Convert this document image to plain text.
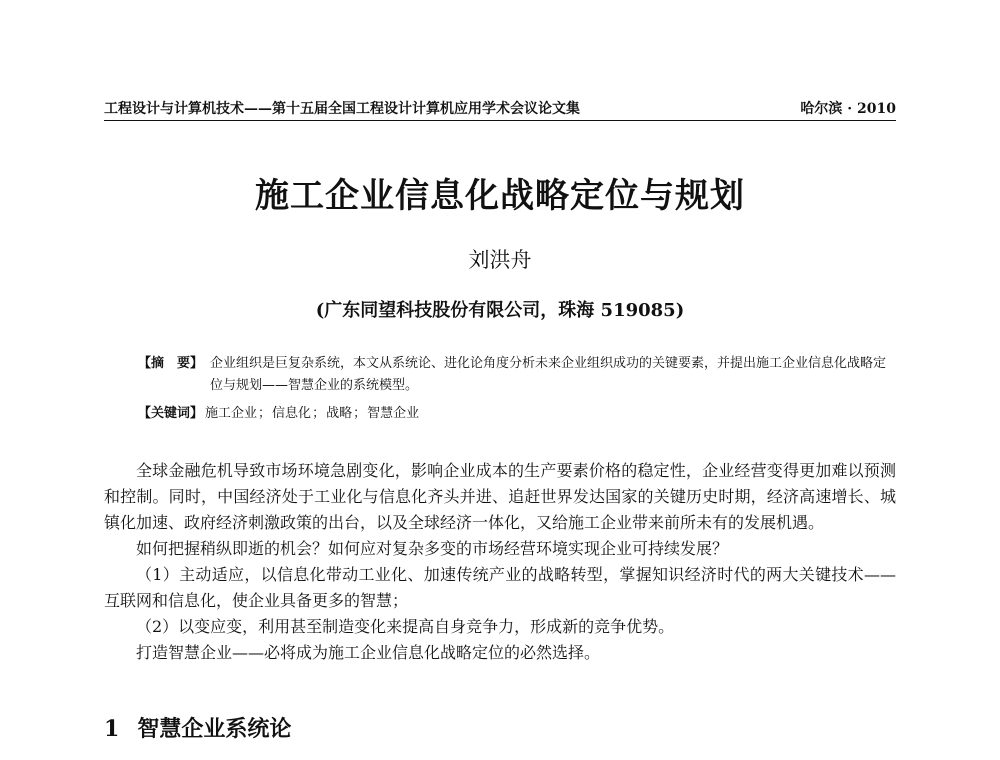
工程设计与计算机技术——第十五届全国工程设计计算机应用学术会议论文集	哈尔滨 · 2010
施工企业信息化战略定位与规划
刘洪舟
(广东同望科技股份有限公司，珠海 519085)
【摘　要】 企业组织是巨复杂系统，本文从系统论、进化论角度分析未来企业组织成功的关键要素，并提出施工企业信息化战略定位与规划——智慧企业的系统模型。
【关键词】 施工企业；信息化；战略；智慧企业

全球金融危机导致市场环境急剧变化，影响企业成本的生产要素价格的稳定性，企业经营变得更加难以预测和控制。同时，中国经济处于工业化与信息化齐头并进、追赶世界发达国家的关键历史时期，经济高速增长、城镇化加速、政府经济刺激政策的出台，以及全球经济一体化，又给施工企业带来前所未有的发展机遇。

如何把握稍纵即逝的机会？如何应对复杂多变的市场经营环境实现企业可持续发展？

（1）主动适应，以信息化带动工业化、加速传统产业的战略转型，掌握知识经济时代的两大关键技术——互联网和信息化，使企业具备更多的智慧；

（2）以变应变，利用甚至制造变化来提高自身竞争力，形成新的竞争优势。

打造智慧企业——必将成为施工企业信息化战略定位的必然选择。

1 智慧企业系统论
